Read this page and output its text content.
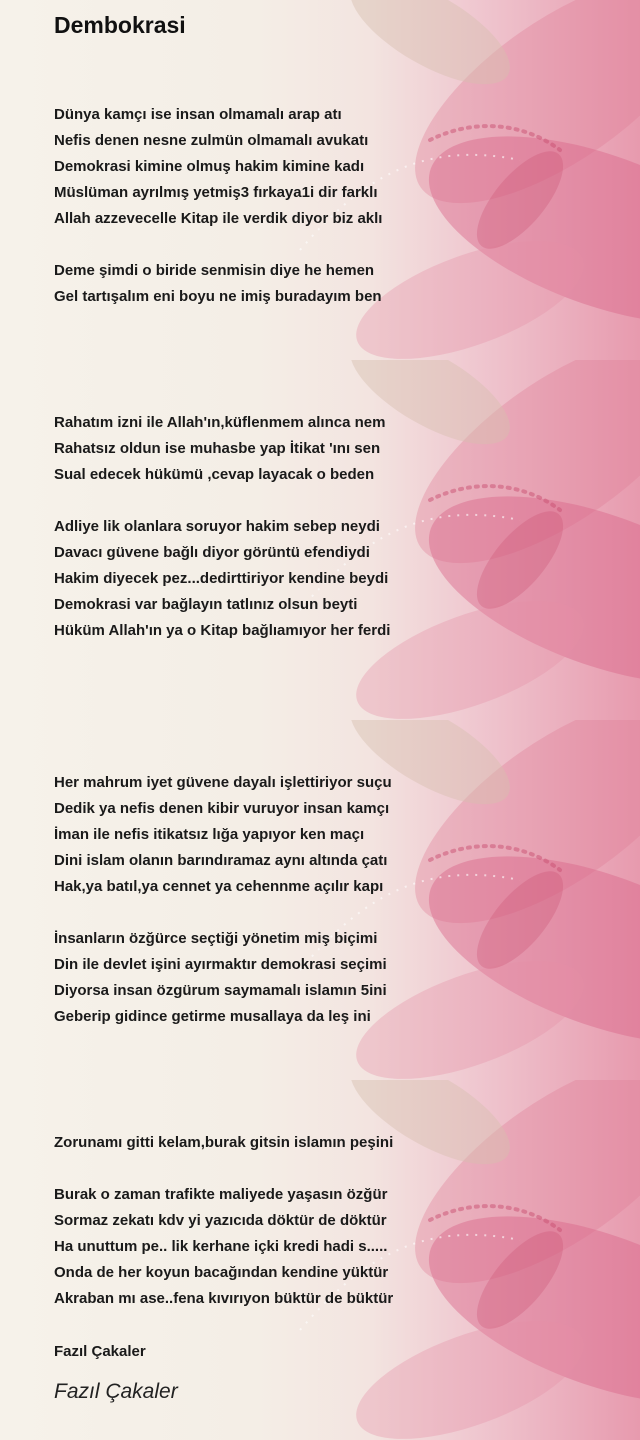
Dembokrasi
Dünya kamçı ise insan olmamalı arap atı
Nefis denen nesne zulmün olmamalı avukatı
Demokrasi kimine olmuş hakim kimine kadı
Müslüman ayrılmış yetmiş3 fırkaya1i dir farklı
Allah azzevecelle Kitap ile verdik diyor biz aklı
Deme şimdi o biride senmisin diye he hemen
Gel tartışalım eni boyu ne imiş buradayım ben
Rahatım izni ile Allah'ın,küflenmem alınca nem
Rahatsız oldun ise muhasbe yap İtikat 'ını sen
Sual edecek hükümü ,cevap layacak o beden
Adliye lik olanlara soruyor hakim sebep neydi
Davacı güvene bağlı diyor görüntü efendiydi
Hakim diyecek pez...dedirttiriyor kendine beydi
Demokrasi var bağlayın tatlınız olsun beyti
Hüküm Allah'ın ya o Kitap bağlıamıyor her ferdi
Her mahrum iyet güvene dayalı işlettiriyor suçu
Dedik ya nefis denen kibir vuruyor insan kamçı
İman ile nefis itikatsız lığa yapıyor ken maçı
Dini islam olanın barındıramaz aynı altında çatı
Hak,ya batıl,ya cennet ya cehennme açılır kapı
İnsanların özğürce seçtiği yönetim miş biçimi
Din ile devlet işini ayırmaktır demokrasi seçimi
Diyorsa insan özgürum saymamalı islamın 5ini
Geberip gidince getirme musallaya da leş ini
Zorunamı gitti kelam,burak gitsin islamın peşini
Burak o zaman trafikte maliyede yaşasın özğür
Sormaz zekatı kdv yi yazıcıda döktür de döktür
Ha unuttum pe.. lik kerhane içki kredi hadi s.....
Onda de her koyun bacağından kendine yüktür
Akraban mı ase..fena kıvırıyon büktür de büktür
Fazıl Çakaler
Fazıl Çakaler
